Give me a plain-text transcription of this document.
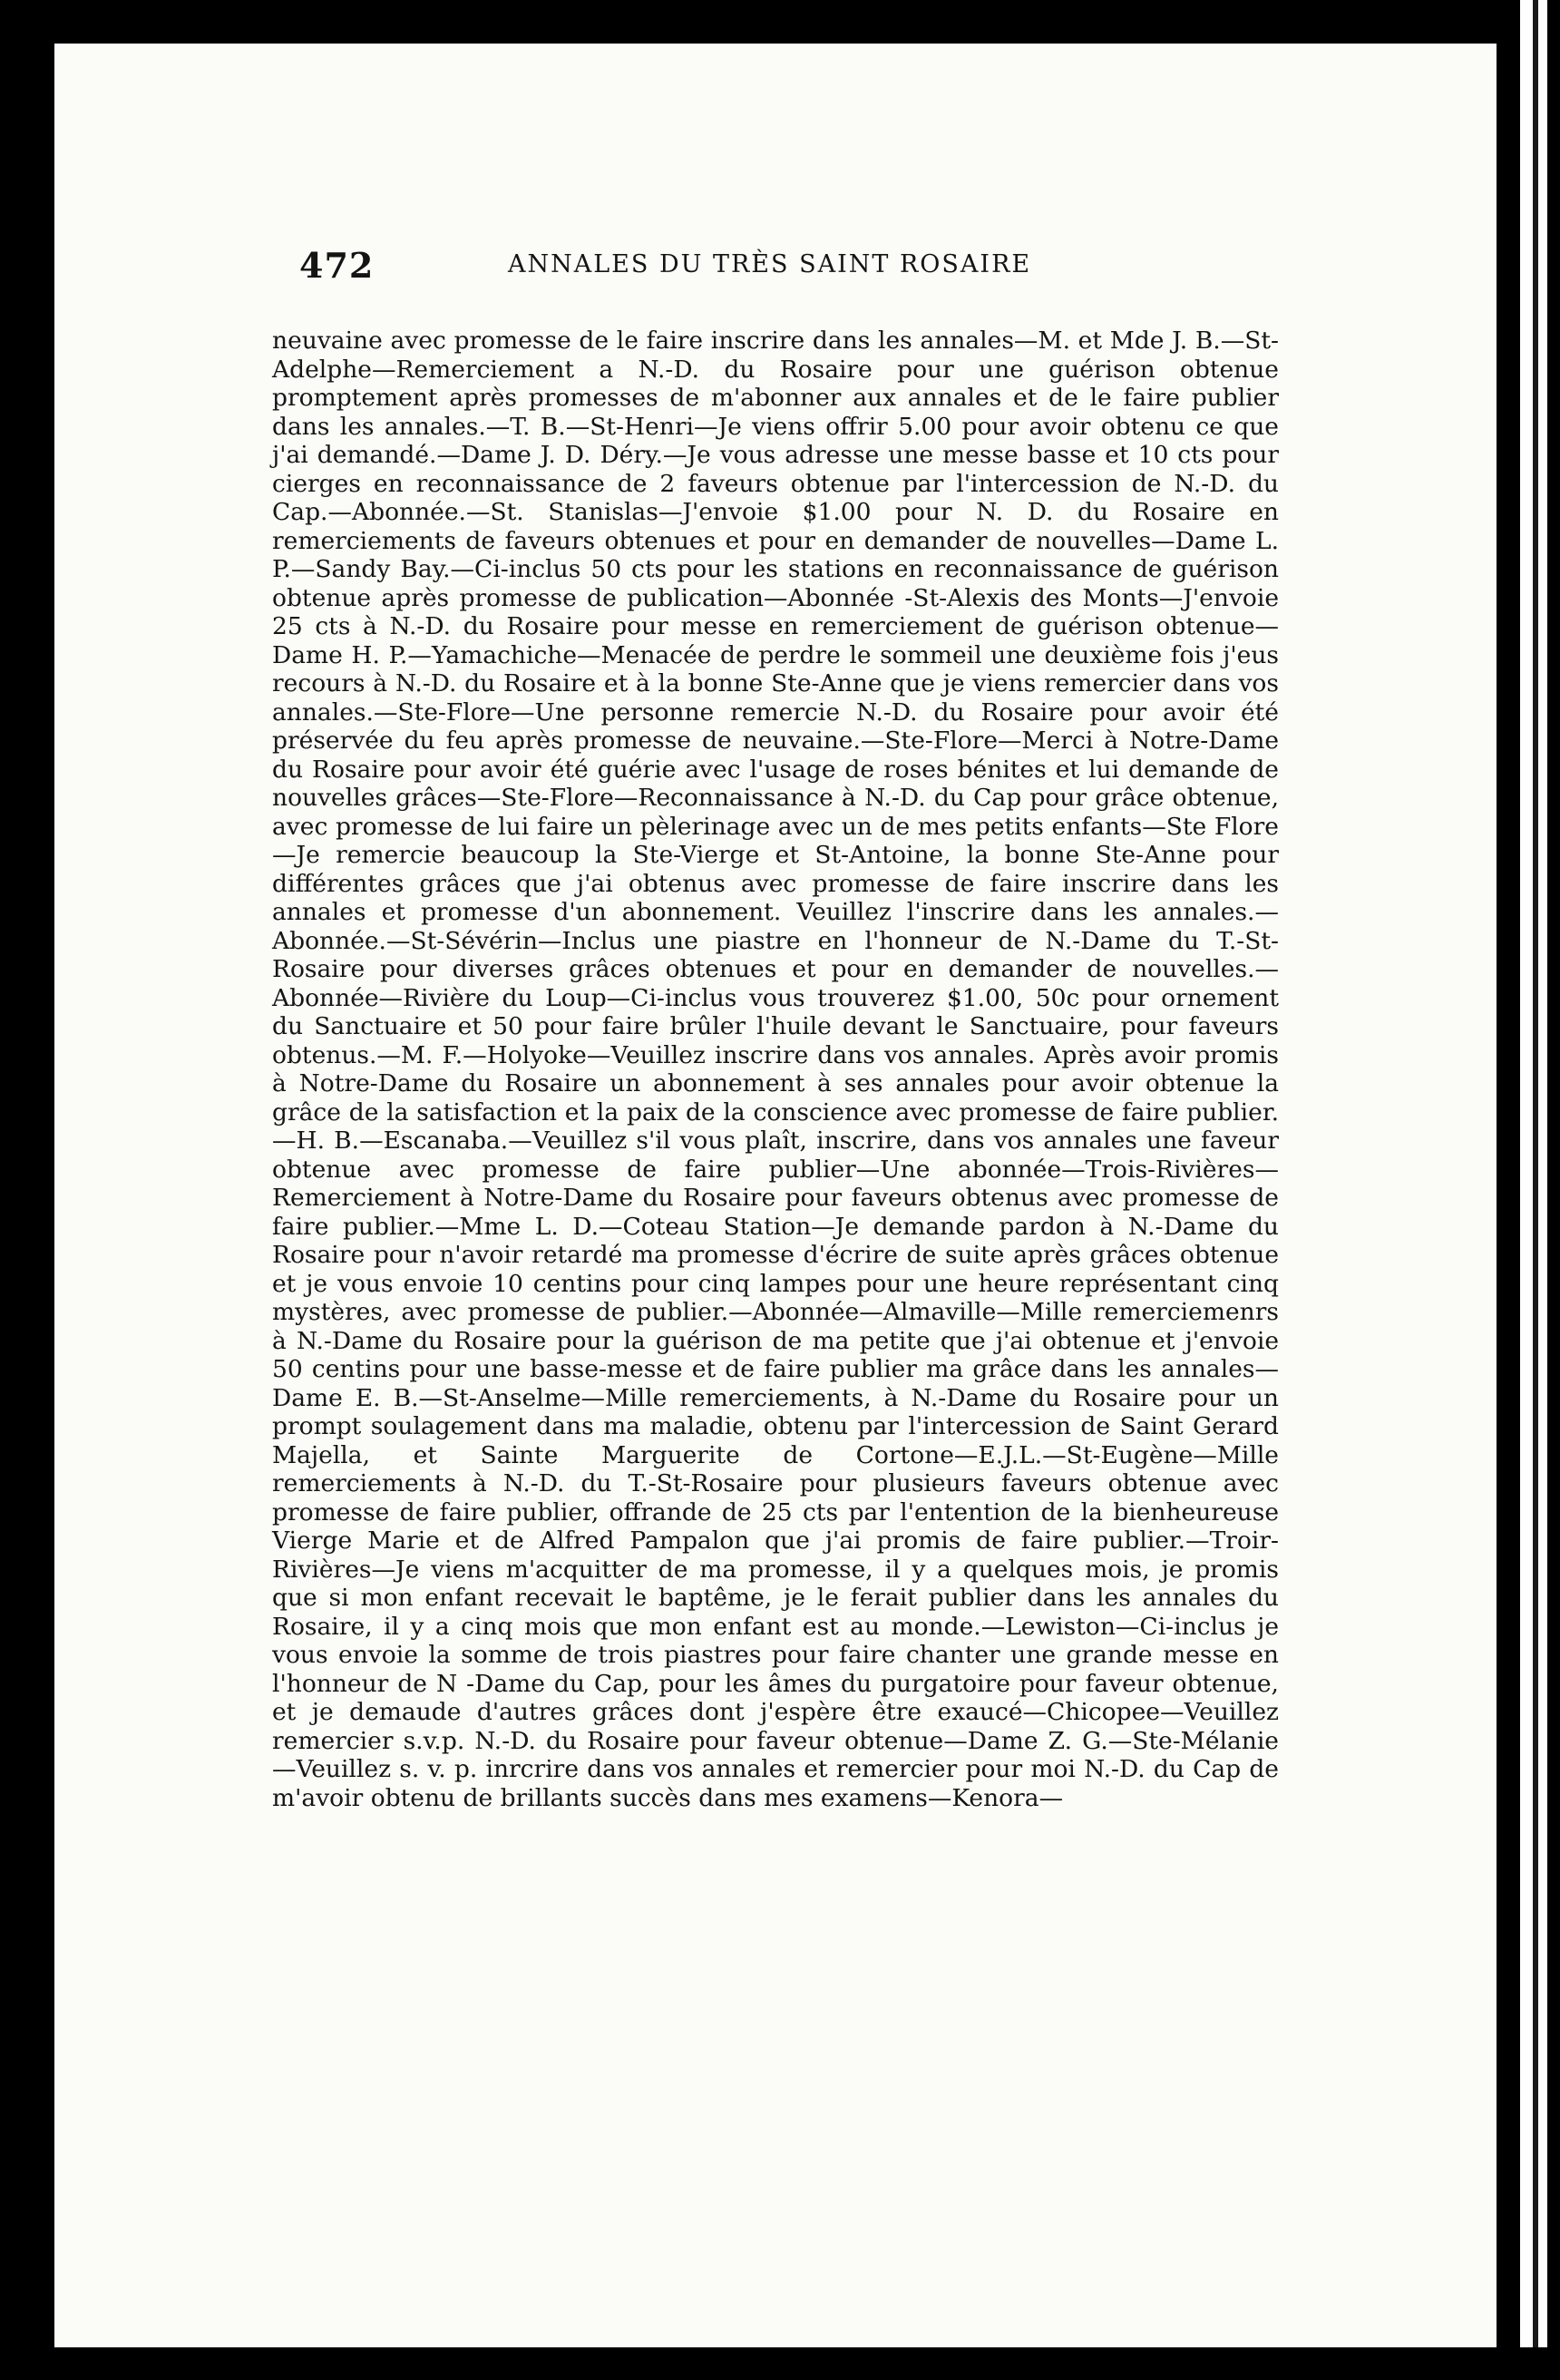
472	ANNALES DU TRÈS SAINT ROSAIRE

neuvaine avec promesse de le faire inscrire dans les annales—M. et Mde J. B.—St-Adelphe—Remerciement a N.-D. du Rosaire pour une guérison obtenue promptement après promesses de m'abonner aux annales et de le faire publier dans les annales.—T. B.—St-Henri—Je viens offrir 5.00 pour avoir obtenu ce que j'ai demandé.—Dame J. D. Déry.—Je vous adresse une messe basse et 10 cts pour cierges en reconnaissance de 2 faveurs obtenue par l'intercession de N.-D. du Cap.—Abonnée.—St. Stanislas—J'envoie $1.00 pour N. D. du Rosaire en remerciements de faveurs obtenues et pour en demander de nouvelles—Dame L. P.—Sandy Bay.—Ci-inclus 50 cts pour les stations en reconnaissance de guérison obtenue après promesse de publication—Abonnée -St-Alexis des Monts—J'envoie 25 cts à N.-D. du Rosaire pour messe en remerciement de guérison obtenue—Dame H. P.—Yamachiche—Menacée de perdre le sommeil une deuxième fois j'eus recours à N.-D. du Rosaire et à la bonne Ste-Anne que je viens remercier dans vos annales.—Ste-Flore—Une personne remercie N.-D. du Rosaire pour avoir été préservée du feu après promesse de neuvaine.—Ste-Flore—Merci à Notre-Dame du Rosaire pour avoir été guérie avec l'usage de roses bénites et lui demande de nouvelles grâces—Ste-Flore—Reconnaissance à N.-D. du Cap pour grâce obtenue, avec promesse de lui faire un pèlerinage avec un de mes petits enfants—Ste Flore—Je remercie beaucoup la Ste-Vierge et St-Antoine, la bonne Ste-Anne pour différentes grâces que j'ai obtenus avec promesse de faire inscrire dans les annales et promesse d'un abonnement. Veuillez l'inscrire dans les annales.—Abonnée.—St-Sévérin—Inclus une piastre en l'honneur de N.-Dame du T.-St-Rosaire pour diverses grâces obtenues et pour en demander de nouvelles.—Abonnée—Rivière du Loup—Ci-inclus vous trouverez $1.00, 50c pour ornement du Sanctuaire et 50 pour faire brûler l'huile devant le Sanctuaire, pour faveurs obtenus.—M. F.—Holyoke—Veuillez inscrire dans vos annales. Après avoir promis à Notre-Dame du Rosaire un abonnement à ses annales pour avoir obtenue la grâce de la satisfaction et la paix de la conscience avec promesse de faire publier.—H. B.—Escanaba.—Veuillez s'il vous plaît, inscrire, dans vos annales une faveur obtenue avec promesse de faire publier—Une abonnée—Trois-Rivières—Remerciement à Notre-Dame du Rosaire pour faveurs obtenus avec promesse de faire publier.—Mme L. D.—Coteau Station—Je demande pardon à N.-Dame du Rosaire pour n'avoir retardé ma promesse d'écrire de suite après grâces obtenue et je vous envoie 10 centins pour cinq lampes pour une heure représentant cinq mystères, avec promesse de publier.—Abonnée—Almaville—Mille remerciemenrs à N.-Dame du Rosaire pour la guérison de ma petite que j'ai obtenue et j'envoie 50 centins pour une basse-messe et de faire publier ma grâce dans les annales—Dame E. B.—St-Anselme—Mille remerciements, à N.-Dame du Rosaire pour un prompt soulagement dans ma maladie, obtenu par l'intercession de Saint Gerard Majella, et Sainte Marguerite de Cortone—E.J.L.—St-Eugène—Mille remerciements à N.-D. du T.-St-Rosaire pour plusieurs faveurs obtenue avec promesse de faire publier, offrande de 25 cts par l'entention de la bienheureuse Vierge Marie et de Alfred Pampalon que j'ai promis de faire publier.—Troir-Rivières—Je viens m'acquitter de ma promesse, il y a quelques mois, je promis que si mon enfant recevait le baptême, je le ferait publier dans les annales du Rosaire, il y a cinq mois que mon enfant est au monde.—Lewiston—Ci-inclus je vous envoie la somme de trois piastres pour faire chanter une grande messe en l'honneur de N -Dame du Cap, pour les âmes du purgatoire pour faveur obtenue, et je demaude d'autres grâces dont j'espère être exaucé—Chicopee—Veuillez remercier s.v.p. N.-D. du Rosaire pour faveur obtenue—Dame Z. G.—Ste-Mélanie—Veuillez s. v. p. inrcrire dans vos annales et remercier pour moi N.-D. du Cap de m'avoir obtenu de brillants succès dans mes examens—Kenora—
